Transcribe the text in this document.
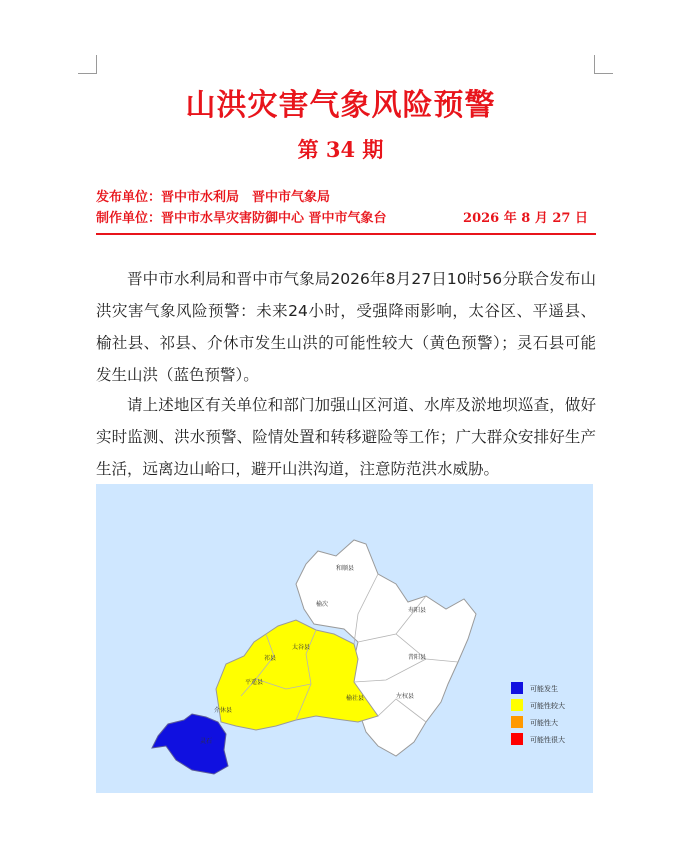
山洪灾害气象风险预警
第 34 期
发布单位：晋中市水利局　晋中市气象局
制作单位：晋中市水旱灾害防御中心 晋中市气象台	2026 年 8 月 27 日
晋中市水利局和晋中市气象局2026年8月27日10时56分联合发布山洪灾害气象风险预警：未来24小时，受强降雨影响，太谷区、平遥县、榆社县、祁县、介休市发生山洪的可能性较大（黄色预警）；灵石县可能发生山洪（蓝色预警）。
请上述地区有关单位和部门加强山区河道、水库及淤地坝巡查，做好实时监测、洪水预警、险情处置和转移避险等工作；广大群众安排好生产生活，远离边山峪口，避开山洪沟道，注意防范洪水威胁。
和顺县
榆次
寿阳县
昔阳县
太谷县
祁县
平遥县
左权县
榆社县
介休县
灵石
可能发生
可能性较大
可能性大
可能性很大
